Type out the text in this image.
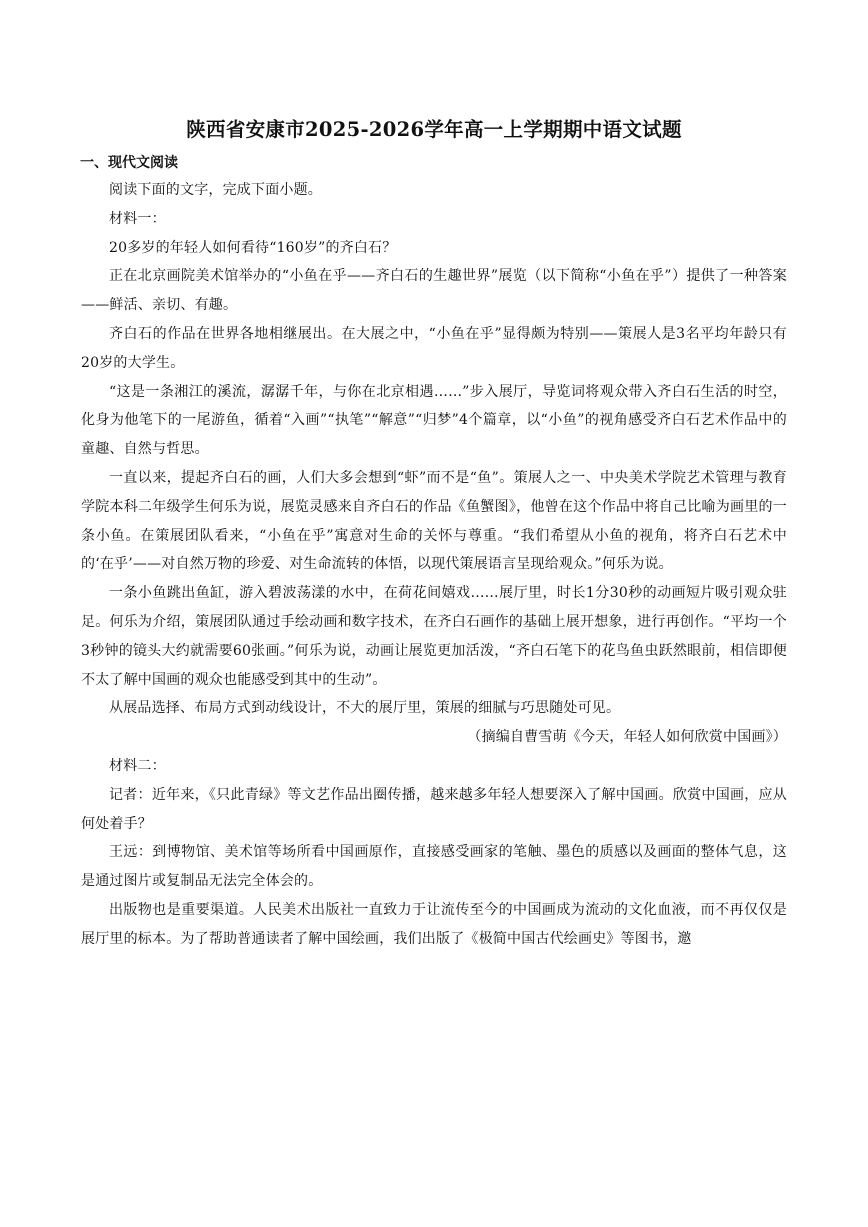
陕西省安康市2025-2026学年高一上学期期中语文试题
一、现代文阅读

阅读下面的文字，完成下面小题。

材料一：

20多岁的年轻人如何看待“160岁”的齐白石？

正在北京画院美术馆举办的“小鱼在乎——齐白石的生趣世界”展览（以下简称“小鱼在乎”）提供了一种答案——鲜活、亲切、有趣。

齐白石的作品在世界各地相继展出。在大展之中，“小鱼在乎”显得颇为特别——策展人是3名平均年龄只有20岁的大学生。

“这是一条湘江的溪流，潺潺千年，与你在北京相遇……”步入展厅，导览词将观众带入齐白石生活的时空，化身为他笔下的一尾游鱼，循着“入画”“执笔”“解意”“归梦”4个篇章，以“小鱼”的视角感受齐白石艺术作品中的童趣、自然与哲思。

一直以来，提起齐白石的画，人们大多会想到“虾”而不是“鱼”。策展人之一、中央美术学院艺术管理与教育学院本科二年级学生何乐为说，展览灵感来自齐白石的作品《鱼蟹图》，他曾在这个作品中将自己比喻为画里的一条小鱼。在策展团队看来，“小鱼在乎”寓意对生命的关怀与尊重。“我们希望从小鱼的视角，将齐白石艺术中的‘在乎’——对自然万物的珍爱、对生命流转的体悟，以现代策展语言呈现给观众。”何乐为说。

一条小鱼跳出鱼缸，游入碧波荡漾的水中，在荷花间嬉戏……展厅里，时长1分30秒的动画短片吸引观众驻足。何乐为介绍，策展团队通过手绘动画和数字技术，在齐白石画作的基础上展开想象，进行再创作。“平均一个3秒钟的镜头大约就需要60张画。”何乐为说，动画让展览更加活泼，“齐白石笔下的花鸟鱼虫跃然眼前，相信即便不太了解中国画的观众也能感受到其中的生动”。

从展品选择、布局方式到动线设计，不大的展厅里，策展的细腻与巧思随处可见。

（摘编自曹雪萌《今天，年轻人如何欣赏中国画》）

材料二：

记者：近年来，《只此青绿》等文艺作品出圈传播，越来越多年轻人想要深入了解中国画。欣赏中国画，应从何处着手？

王远：到博物馆、美术馆等场所看中国画原作，直接感受画家的笔触、墨色的质感以及画面的整体气息，这是通过图片或复制品无法完全体会的。

出版物也是重要渠道。人民美术出版社一直致力于让流传至今的中国画成为流动的文化血液，而不再仅仅是展厅里的标本。为了帮助普通读者了解中国绘画，我们出版了《极简中国古代绘画史》等图书，邀
